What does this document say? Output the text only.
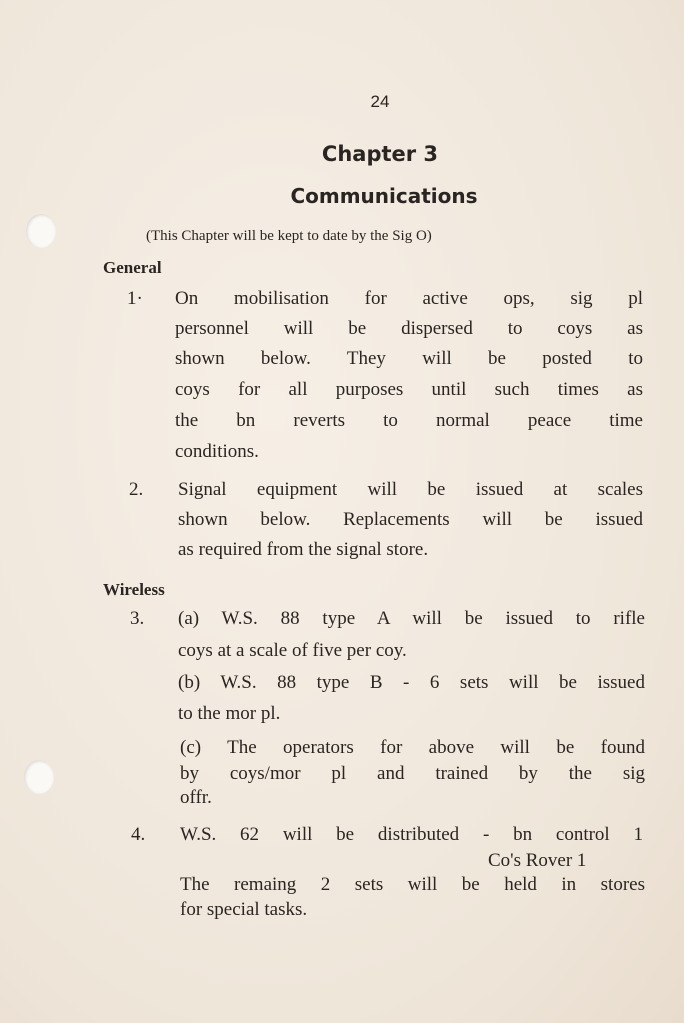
24
Chapter 3
Communications
(This Chapter will be kept to date by the Sig O)
General
1· On mobilisation for active ops, sig pl
personnel will be dispersed to coys as
shown below. They will be posted to
coys for all purposes until such times as
the bn reverts to normal peace time
conditions.
2. Signal equipment will be issued at scales
shown below. Replacements will be issued
as required from the signal store.
Wireless
3. (a) W.S. 88 type A will be issued to rifle
coys at a scale of five per coy.
(b) W.S. 88 type B - 6 sets will be issued
to the mor pl.
(c) The operators for above will be found
by coys/mor pl and trained by the sig
offr.
4. W.S. 62 will be distributed - bn control 1
Co's Rover 1
The remaing 2 sets will be held in stores
for special tasks.
